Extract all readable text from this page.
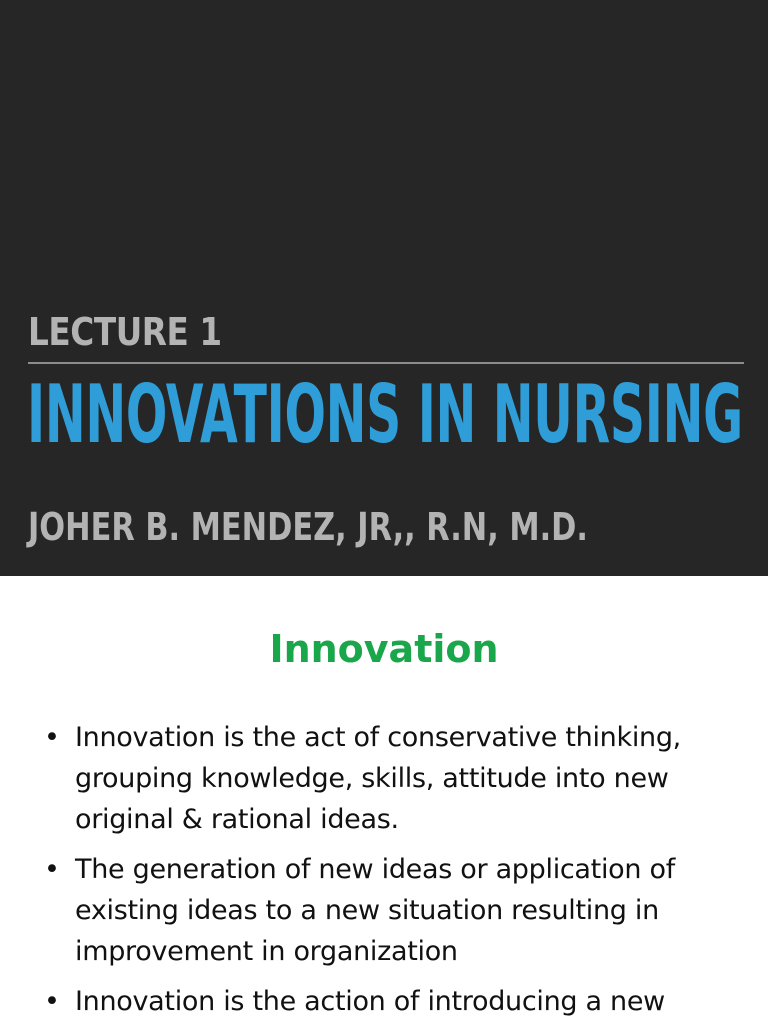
LECTURE 1
INNOVATIONS IN NURSING
JOHER B. MENDEZ, JR,, R.N, M.D.
Innovation
• Innovation is the act of conservative thinking,
grouping knowledge, skills, attitude into new
original & rational ideas.
• The generation of new ideas or application of
existing ideas to a new situation resulting in
improvement in organization
• Innovation is the action of introducing a new
